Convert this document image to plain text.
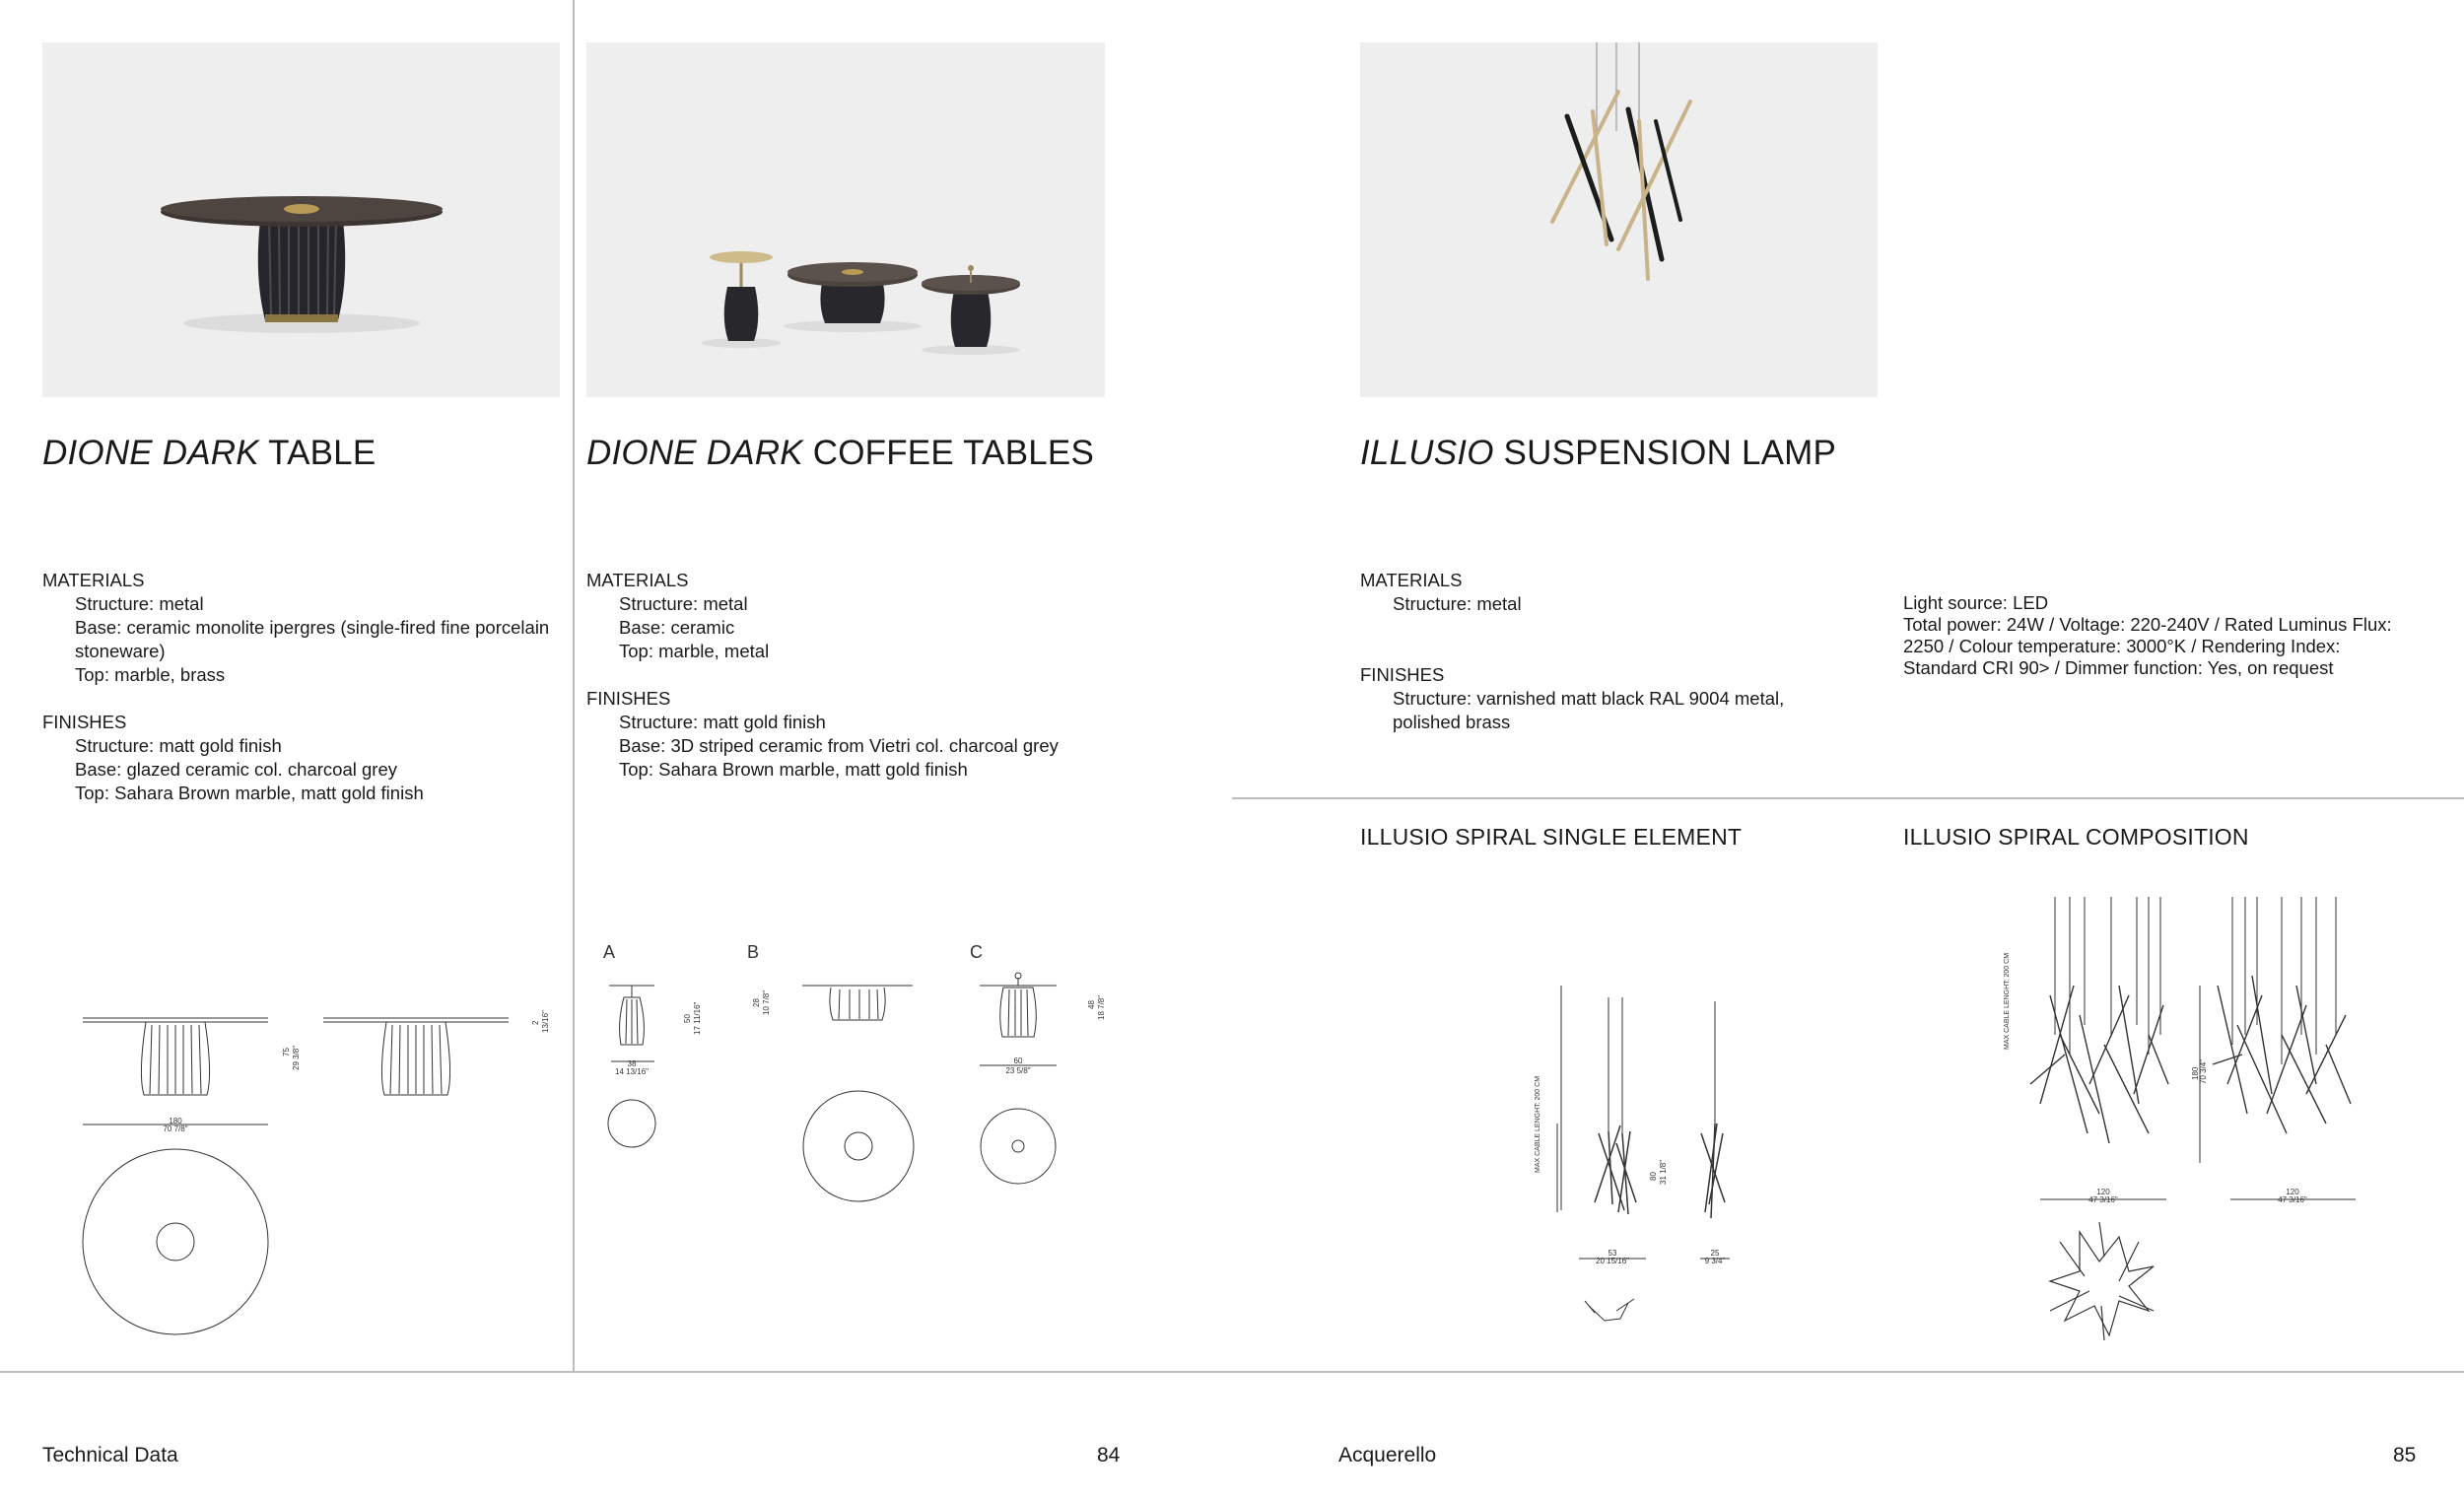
DIONE DARK TABLE	DIONE DARK COFFEE TABLES	ILLUSIO SUSPENSION LAMP
MATERIALS
Structure: metal
Base: ceramic monolite ipergres (single-fired fine porcelain stoneware)
Top: marble, brass
FINISHES
Structure: matt gold finish
Base: glazed ceramic col. charcoal grey
Top: Sahara Brown marble, matt gold finish
MATERIALS
Structure: metal
Base: ceramic
Top: marble, metal
FINISHES
Structure: matt gold finish
Base: 3D striped ceramic from Vietri col. charcoal grey
Top: Sahara Brown marble, matt gold finish
MATERIALS
Structure: metal
FINISHES
Structure: varnished matt black RAL 9004 metal, polished brass
Light source: LED
Total power: 24W / Voltage: 220-240V / Rated Luminus Flux: 2250 / Colour temperature: 3000°K / Rendering Index: Standard CRI 90> / Dimmer function: Yes, on request
ILLUSIO SPIRAL SINGLE ELEMENT	ILLUSIO SPIRAL COMPOSITION
75 29 3/8"
2 13/16"
180
70 7/8"
A	B	C
50 17 11/16"
38
14 13/16"
28 10 7/8"	48 18 7/8"
60
23 5/8"
MAX CABLE LENGHT: 200 CM
80 31 1/8"
53
20 15/16"
25
9 3/4"
MAX CABLE LENGHT: 200 CM
180 70 3/4"
120
47 3/16"
120
47 3/16"
Technical Data	84	Acquerello	85
